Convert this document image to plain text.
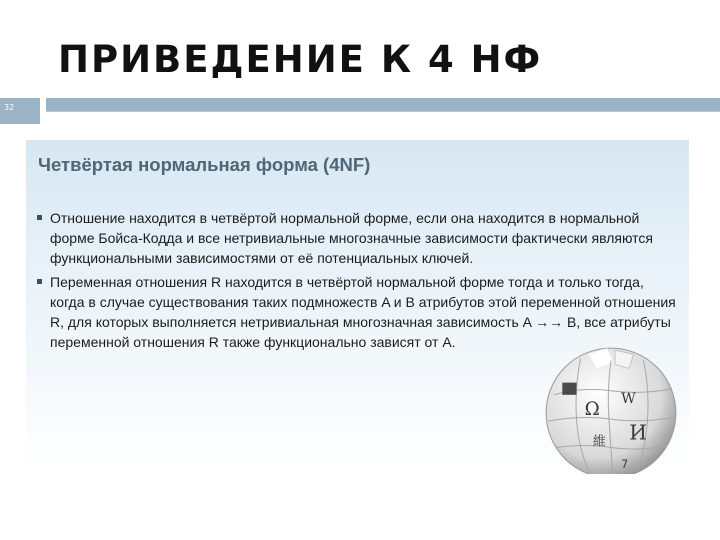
ПРИВЕДЕНИЕ К 4 НФ
32
Четвёртая нормальная форма (4NF)
Отношение находится в четвёртой нормальной форме, если она находится в нормальной форме Бойса-Кодда и все нетривиальные многозначные зависимости фактически являются функциональными зависимостями от её потенциальных ключей.
Переменная отношения R находится в четвёртой нормальной форме тогда и только тогда, когда в случае существования таких подмножеств A и B атрибутов этой переменной отношения R, для которых выполняется нетривиальная многозначная зависимость A →→ B, все атрибуты переменной отношения R также функционально зависят от A.
Ω
W
И
維
7
